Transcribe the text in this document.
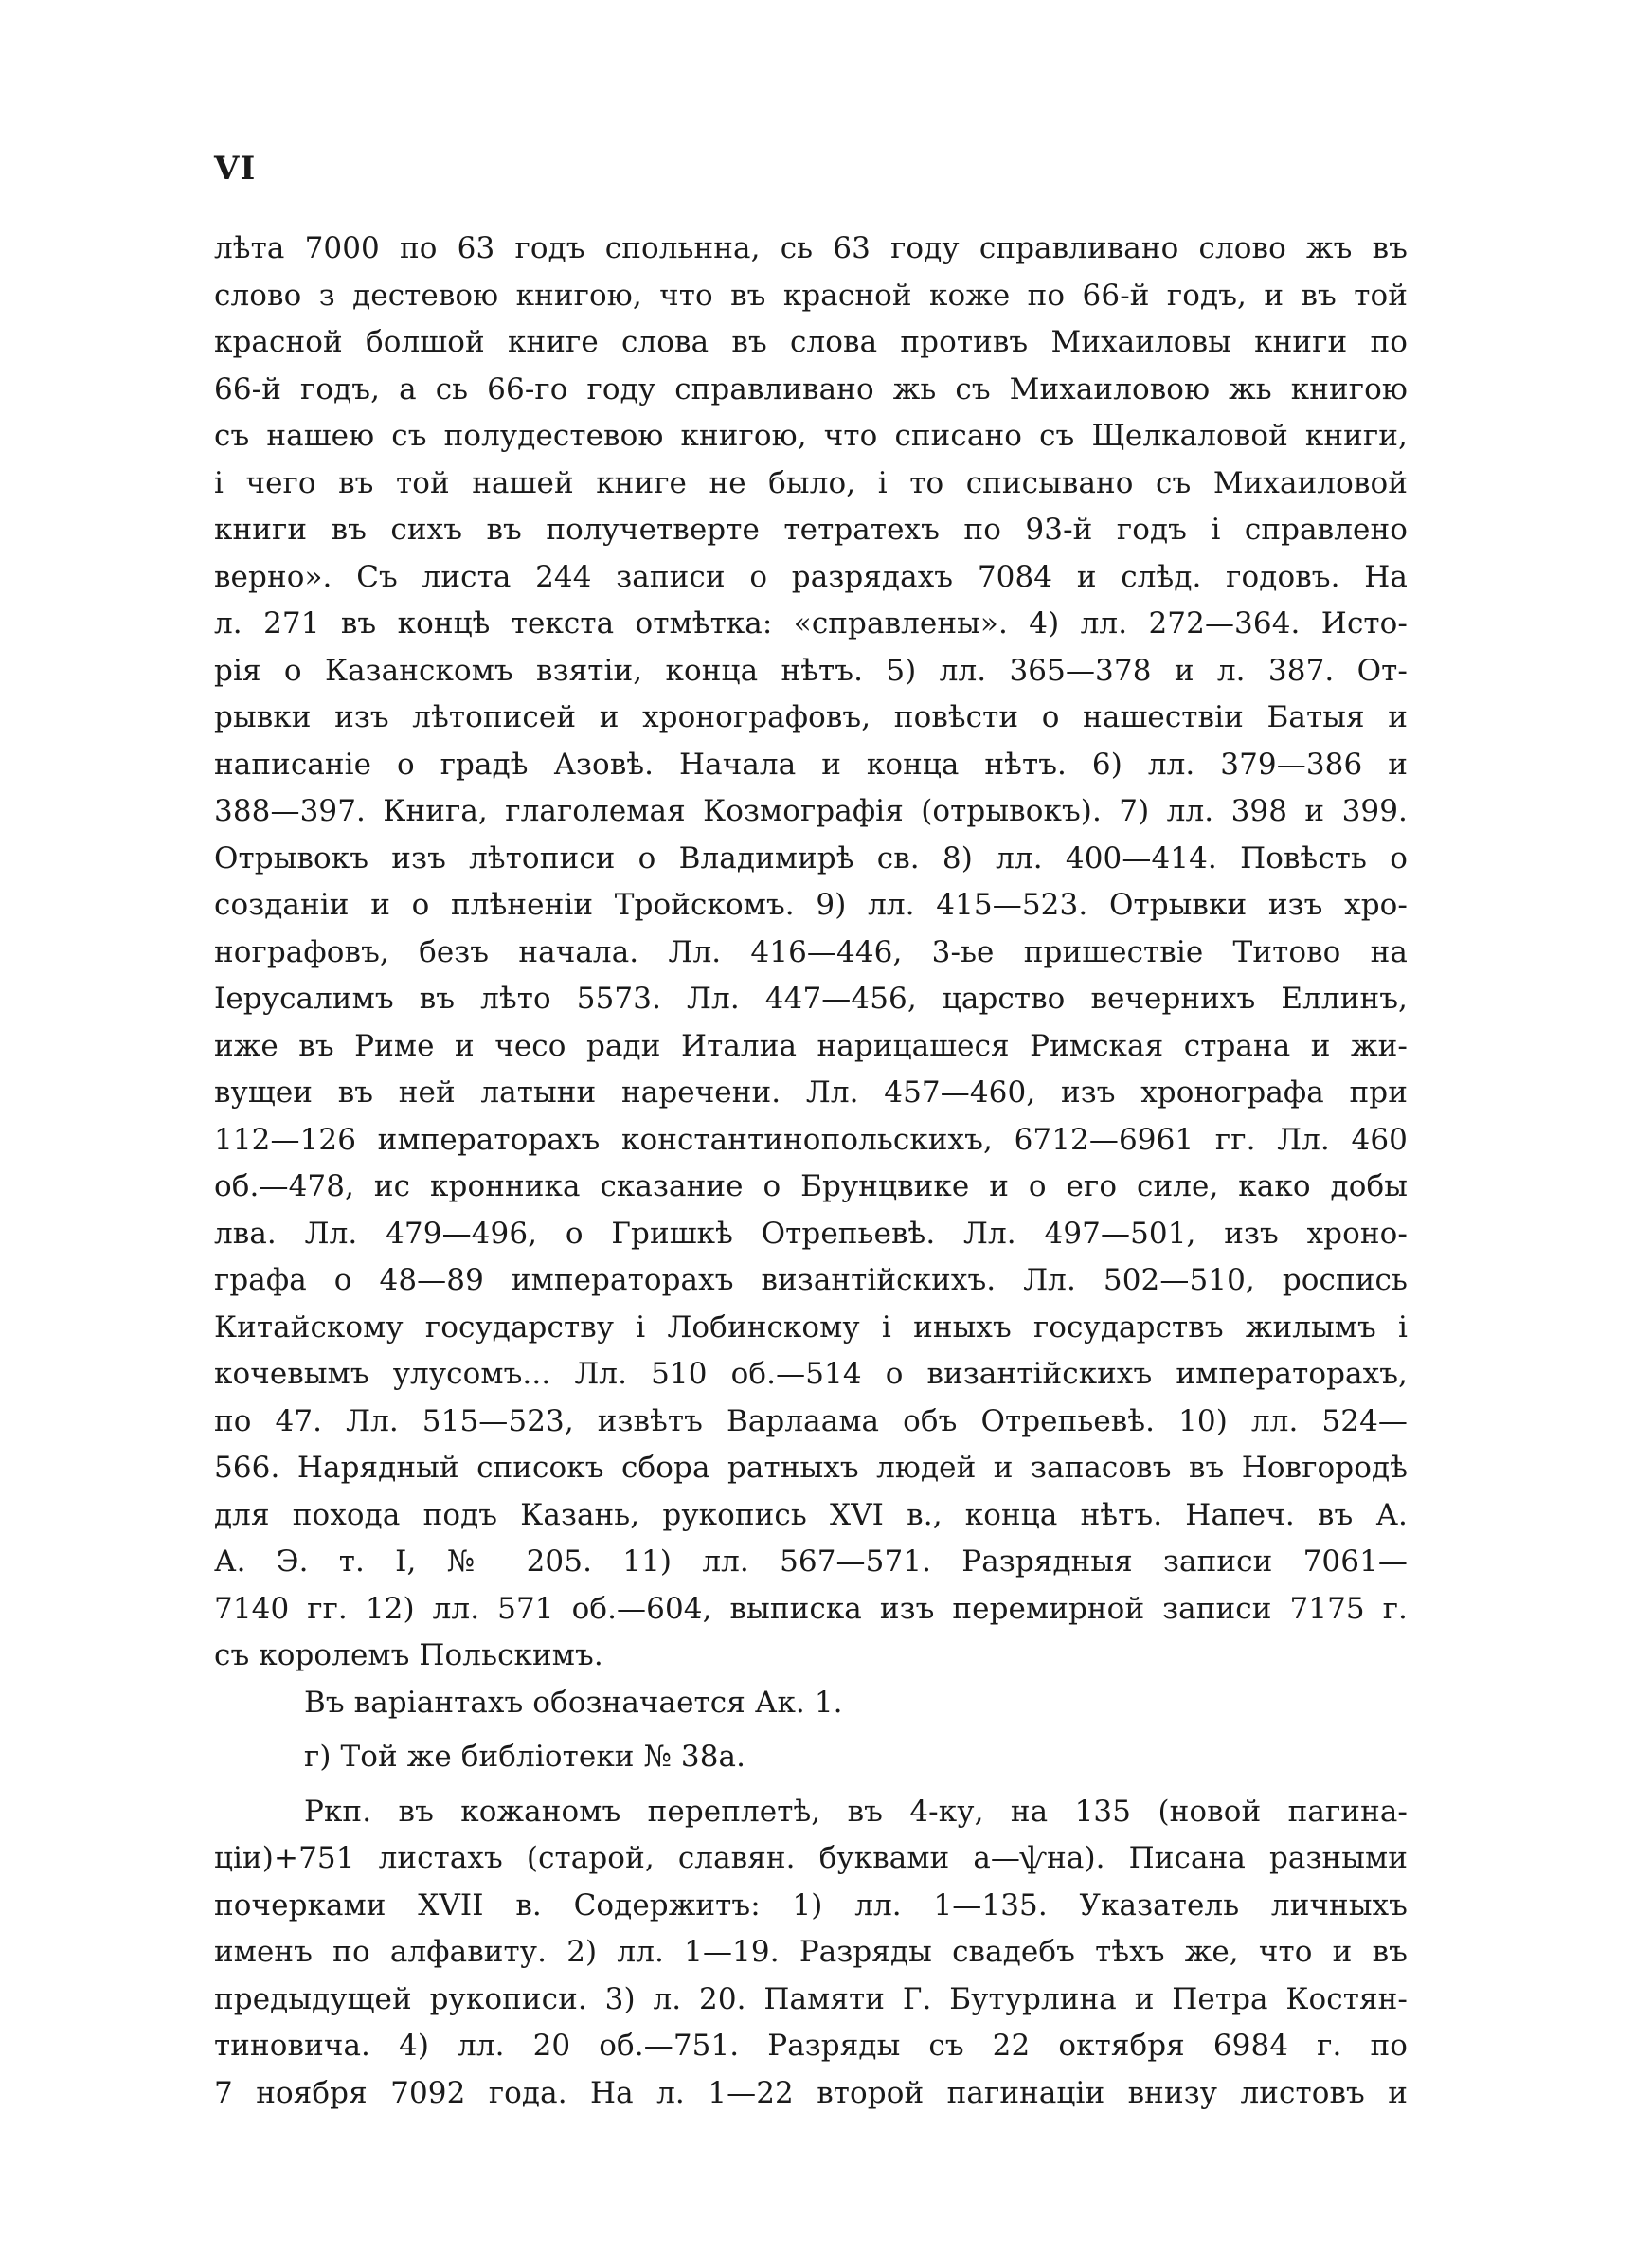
VI
лѣта 7000 по 63 годъ спольнна, сь 63 году справливано слово жъ въ
слово з дестевою книгою, что въ красной коже по 66-й годъ, и въ той
красной болшой книге слова въ слова противъ Михаиловы книги по
66-й годъ, а сь 66-го году справливано жь съ Михаиловою жь книгою
съ нашею съ полудестевою книгою, что списано съ Щелкаловой книги,
і чего въ той нашей книге не было, і то списывано съ Михаиловой
книги въ сихъ въ получетверте тетратехъ по 93-й годъ і справлено
верно». Съ листа 244 записи о разрядахъ 7084 и слѣд. годовъ. На
л. 271 въ концѣ текста отмѣтка: «справлены». 4) лл. 272—364. Исто-
рія о Казанскомъ взятіи, конца нѣтъ. 5) лл. 365—378 и л. 387. От-
рывки изъ лѣтописей и хронографовъ, повѣсти о нашествіи Батыя и
написаніе о градѣ Азовѣ. Начала и конца нѣтъ. 6) лл. 379—386 и
388—397. Книга, глаголемая Козмографія (отрывокъ). 7) лл. 398 и 399.
Отрывокъ изъ лѣтописи о Владимирѣ св. 8) лл. 400—414. Повѣсть о
созданіи и о плѣненіи Тройскомъ. 9) лл. 415—523. Отрывки изъ хро-
нографовъ, безъ начала. Лл. 416—446, 3-ье пришествіе Титово на
Іерусалимъ въ лѣто 5573. Лл. 447—456, царство вечернихъ Еллинъ,
иже въ Риме и чесо ради Италиа нарицашеся Римская страна и жи-
вущеи въ ней латыни наречени. Лл. 457—460, изъ хронографа при
112—126 императорахъ константинопольскихъ, 6712—6961 гг. Лл. 460
об.—478, ис кронника сказание о Брунцвике и о его силе, како добы
лва. Лл. 479—496, о Гришкѣ Отрепьевѣ. Лл. 497—501, изъ хроно-
графа о 48—89 императорахъ византійскихъ. Лл. 502—510, роспись
Китайскому государству і Лобинскому і иныхъ государствъ жилымъ і
кочевымъ улусомъ... Лл. 510 об.—514 о византійскихъ императорахъ,
по 47. Лл. 515—523, извѣтъ Варлаама объ Отрепьевѣ. 10) лл. 524—
566. Нарядный списокъ сбора ратныхъ людей и запасовъ въ Новгородѣ
для похода подъ Казань, рукопись XVI в., конца нѣтъ. Напеч. въ А.
А. Э. т. I, № 205. 11) лл. 567—571. Разрядныя записи 7061—
7140 гг. 12) лл. 571 об.—604, выписка изъ перемирной записи 7175 г.
съ королемъ Польскимъ.
Въ варіантахъ обозначается Ак. 1.
г) Той же библіотеки № 38а.
Ркп. въ кожаномъ переплетѣ, въ 4-ку, на 135 (новой пагина-
ціи)+751 листахъ (старой, славян. буквами а—ѱна). Писана разными
почерками XVII в. Содержитъ: 1) лл. 1—135. Указатель личныхъ
именъ по алфавиту. 2) лл. 1—19. Разряды свадебъ тѣхъ же, что и въ
предыдущей рукописи. 3) л. 20. Памяти Г. Бутурлина и Петра Костян-
тиновича. 4) лл. 20 об.—751. Разряды съ 22 октября 6984 г. по
7 ноября 7092 года. На л. 1—22 второй пагинаціи внизу листовъ и
